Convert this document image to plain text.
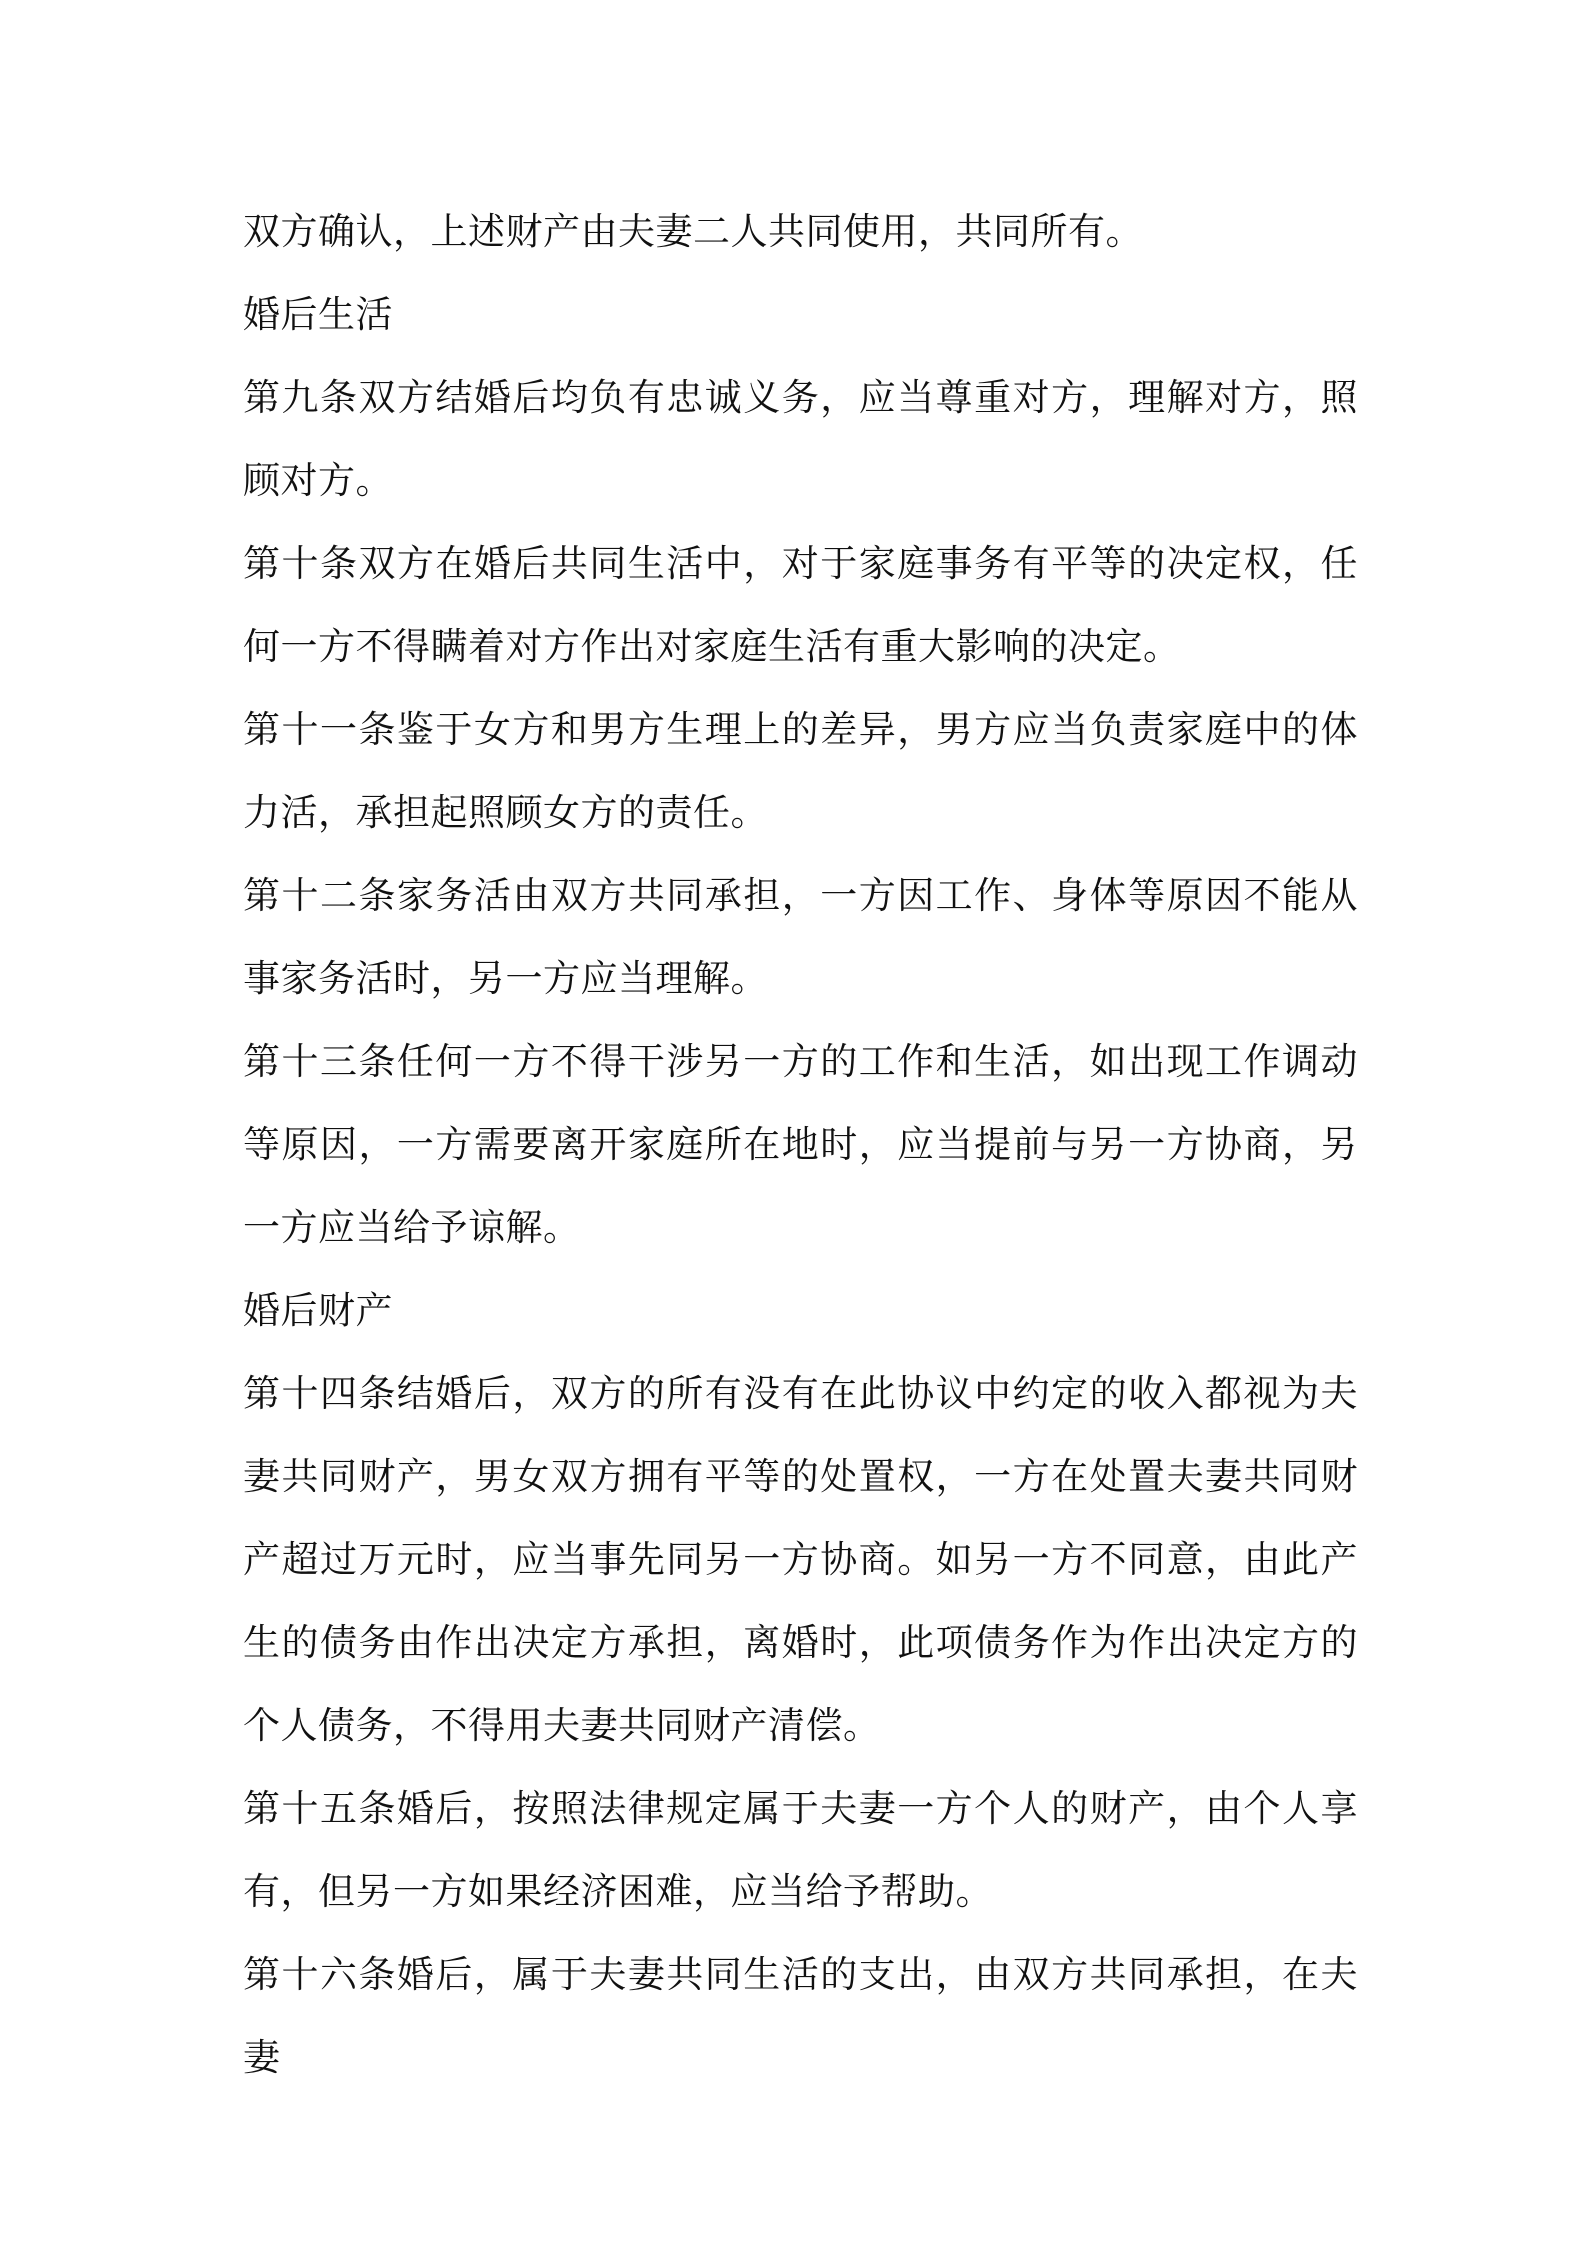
双方确认，上述财产由夫妻二人共同使用，共同所有。

婚后生活

第九条双方结婚后均负有忠诚义务，应当尊重对方，理解对方，照顾对方。

第十条双方在婚后共同生活中，对于家庭事务有平等的决定权，任何一方不得瞒着对方作出对家庭生活有重大影响的决定。

第十一条鉴于女方和男方生理上的差异，男方应当负责家庭中的体力活，承担起照顾女方的责任。

第十二条家务活由双方共同承担，一方因工作、身体等原因不能从事家务活时，另一方应当理解。

第十三条任何一方不得干涉另一方的工作和生活，如出现工作调动等原因，一方需要离开家庭所在地时，应当提前与另一方协商，另一方应当给予谅解。

婚后财产

第十四条结婚后，双方的所有没有在此协议中约定的收入都视为夫妻共同财产，男女双方拥有平等的处置权，一方在处置夫妻共同财产超过万元时，应当事先同另一方协商。如另一方不同意，由此产生的债务由作出决定方承担，离婚时，此项债务作为作出决定方的个人债务，不得用夫妻共同财产清偿。

第十五条婚后，按照法律规定属于夫妻一方个人的财产，由个人享有，但另一方如果经济困难，应当给予帮助。

第十六条婚后，属于夫妻共同生活的支出，由双方共同承担，在夫妻
